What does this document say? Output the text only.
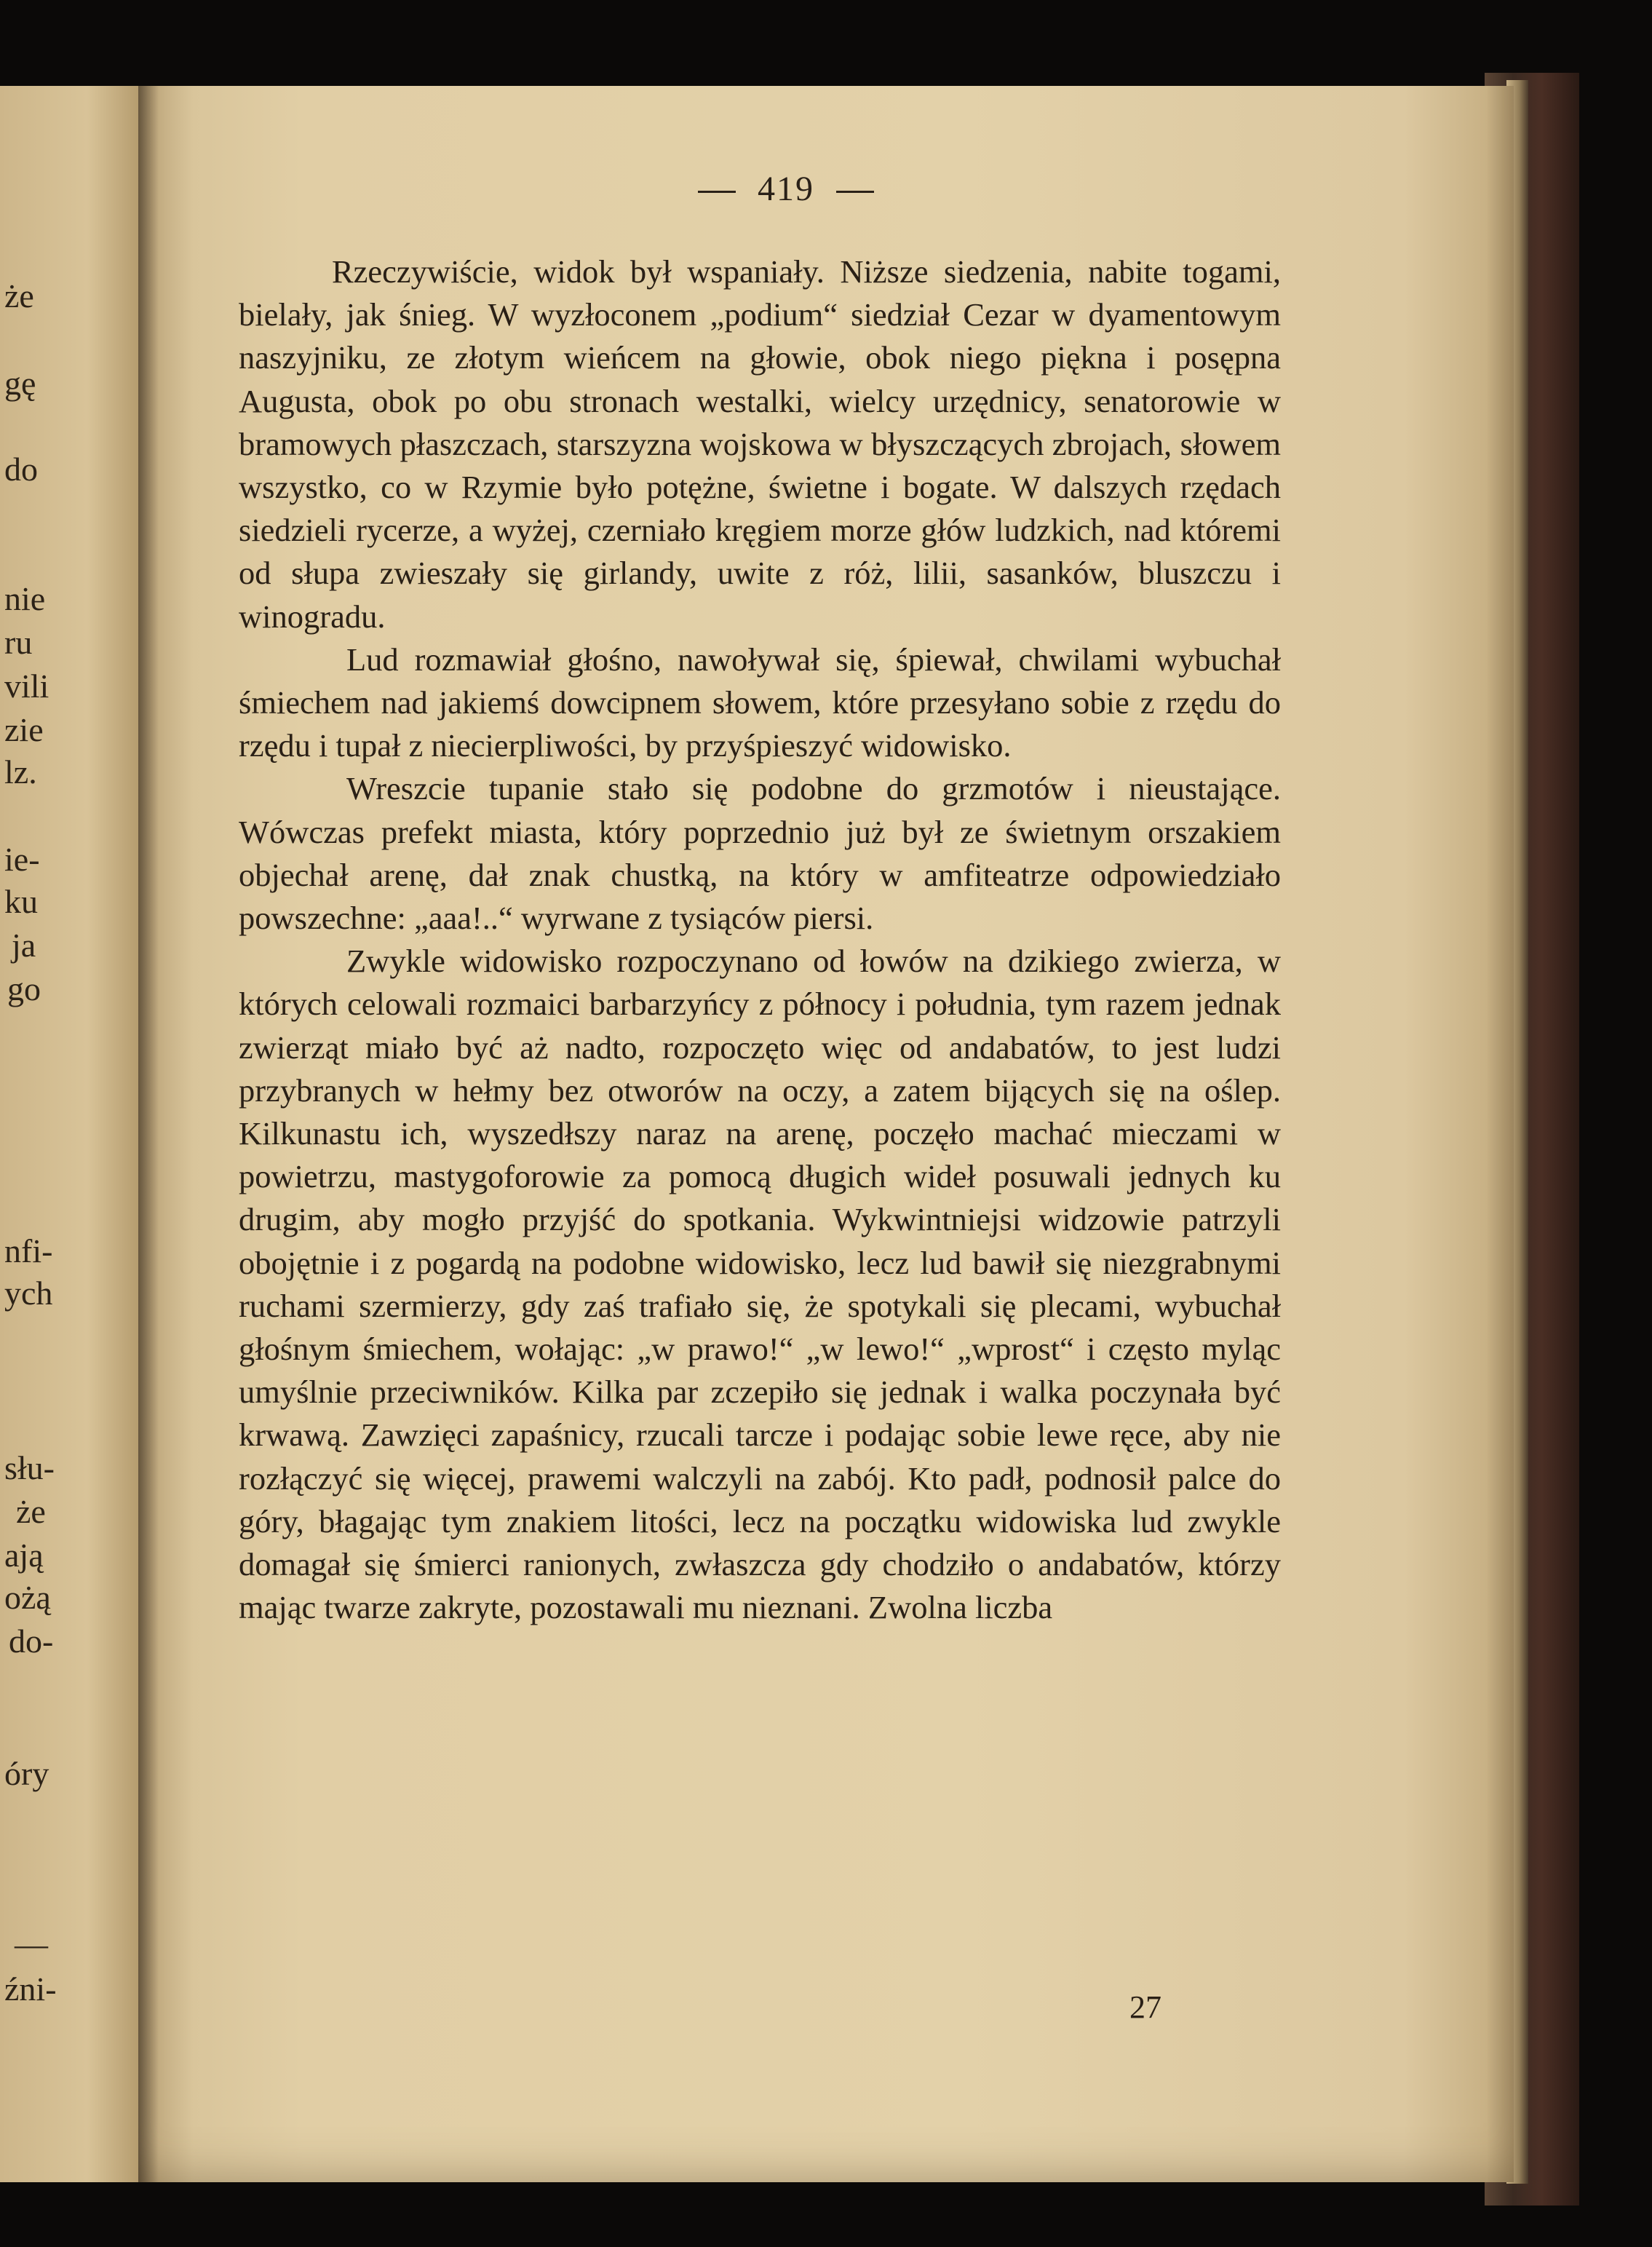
że
gę
do
nie
ru
vili
zie
lz.
ie-
ku
ja
go
nfi-
ych
słu-
że
ają
ożą
do-
óry
—
źni-
419

Rzeczywiście, widok był wspaniały. Niższe siedzenia, nabite togami, bielały, jak śnieg. W wyzłoconem „podium“ siedział Cezar w dyamentowym naszyjniku, ze złotym wieńcem na głowie, obok niego piękna i posępna Augusta, obok po obu stronach westalki, wielcy urzędnicy, senatorowie w bramowych płaszczach, starszyzna wojskowa w błyszczących zbrojach, słowem wszystko, co w Rzymie było potężne, świetne i bogate. W dalszych rzędach siedzieli rycerze, a wyżej, czerniało kręgiem morze głów ludzkich, nad któremi od słupa zwieszały się girlandy, uwite z róż, lilii, sasanków, bluszczu i winogradu.

Lud rozmawiał głośno, nawoływał się, śpiewał, chwilami wybuchał śmiechem nad jakiemś dowcipnem słowem, które przesyłano sobie z rzędu do rzędu i tupał z niecierpliwości, by przyśpieszyć widowisko.

Wreszcie tupanie stało się podobne do grzmotów i nieustające. Wówczas prefekt miasta, który poprzednio już był ze świetnym orszakiem objechał arenę, dał znak chustką, na który w amfiteatrze odpowiedziało powszechne: „aaa!..“ wyrwane z tysiąców piersi.

Zwykle widowisko rozpoczynano od łowów na dzikiego zwierza, w których celowali rozmaici barbarzyńcy z północy i południa, tym razem jednak zwierząt miało być aż nadto, rozpoczęto więc od andabatów, to jest ludzi przybranych w hełmy bez otworów na oczy, a zatem bijących się na oślep. Kilkunastu ich, wyszedłszy naraz na arenę, poczęło machać mieczami w powietrzu, mastygoforowie za pomocą długich wideł posuwali jednych ku drugim, aby mogło przyjść do spotkania. Wykwintniejsi widzowie patrzyli obojętnie i z pogardą na podobne widowisko, lecz lud bawił się niezgrabnymi ruchami szermierzy, gdy zaś trafiało się, że spotykali się plecami, wybuchał głośnym śmiechem, wołając: „w prawo!“ „w lewo!“ „wprost“ i często myląc umyślnie przeciwników. Kilka par zczepiło się jednak i walka poczynała być krwawą. Zawzięci zapaśnicy, rzucali tarcze i podając sobie lewe ręce, aby nie rozłączyć się więcej, prawemi walczyli na zabój. Kto padł, podnosił palce do góry, błagając tym znakiem litości, lecz na początku widowiska lud zwykle domagał się śmierci ranionych, zwłaszcza gdy chodziło o andabatów, którzy mając twarze zakryte, pozostawali mu nieznani. Zwolna liczba

27
